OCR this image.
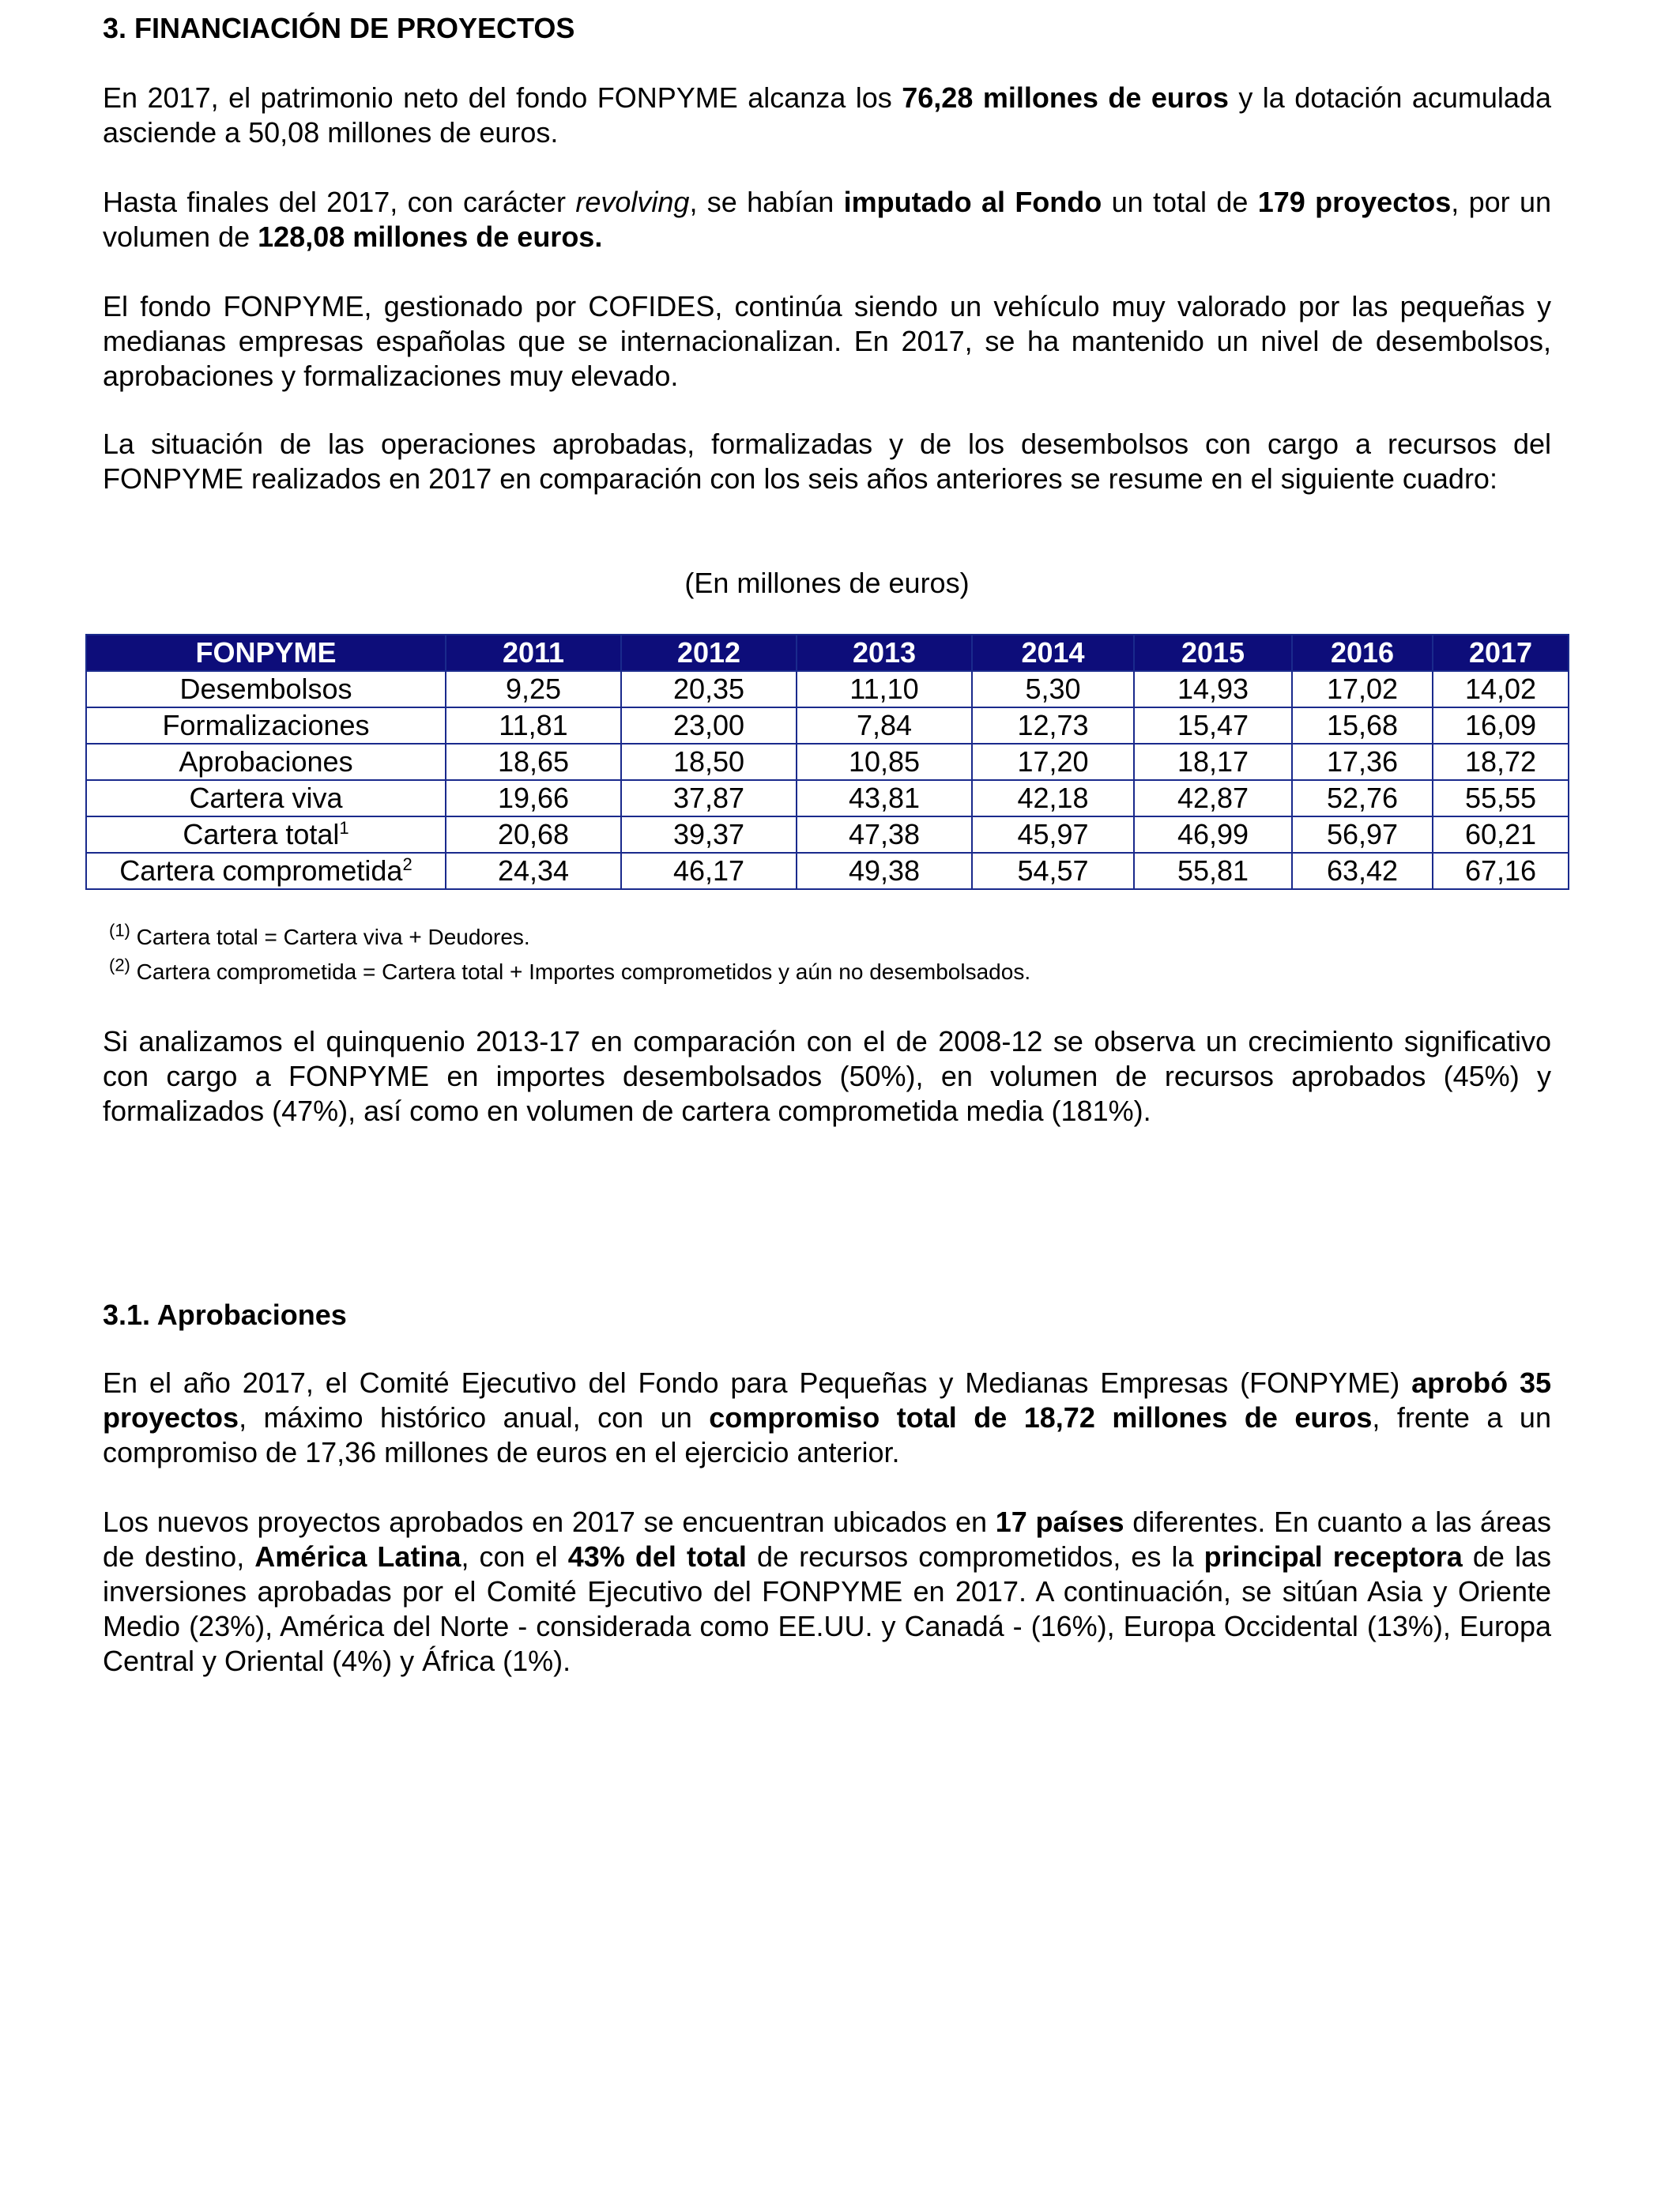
3. FINANCIACIÓN DE PROYECTOS

En 2017, el patrimonio neto del fondo FONPYME alcanza los 76,28 millones de euros y la dotación acumulada asciende a 50,08 millones de euros.

Hasta finales del 2017, con carácter revolving, se habían imputado al Fondo un total de 179 proyectos, por un volumen de 128,08 millones de euros.

El fondo FONPYME, gestionado por COFIDES, continúa siendo un vehículo muy valorado por las pequeñas y medianas empresas españolas que se internacionalizan. En 2017, se ha mantenido un nivel de desembolsos, aprobaciones y formalizaciones muy elevado.

La situación de las operaciones aprobadas, formalizadas y de los desembolsos con cargo a recursos del FONPYME realizados en 2017 en comparación con los seis años anteriores se resume en el siguiente cuadro:

(En millones de euros)

Si analizamos el quinquenio 2013-17 en comparación con el de 2008-12 se observa un crecimiento significativo con cargo a FONPYME en importes desembolsados (50%), en volumen de recursos aprobados (45%) y formalizados (47%), así como en volumen de cartera comprometida media (181%).

3.1. Aprobaciones

En el año 2017, el Comité Ejecutivo del Fondo para Pequeñas y Medianas Empresas (FONPYME) aprobó 35 proyectos, máximo histórico anual, con un compromiso total de 18,72 millones de euros, frente a un compromiso de 17,36 millones de euros en el ejercicio anterior.

Los nuevos proyectos aprobados en 2017 se encuentran ubicados en 17 países diferentes. En cuanto a las áreas de destino, América Latina, con el 43% del total de recursos comprometidos, es la principal receptora de las inversiones aprobadas por el Comité Ejecutivo del FONPYME en 2017. A continuación, se sitúan Asia y Oriente Medio (23%), América del Norte - considerada como EE.UU. y Canadá - (16%), Europa Occidental (13%), Europa Central y Oriental (4%) y África (1%).

$^{(1)}$ Cartera total = Cartera viva + Deudores.
$^{(2)}$ Cartera comprometida = Cartera total + Importes comprometidos y aún no desembolsados.
FONPYME	2011	2012	2013	2014	2015	2016	2017
Desembolsos	9,25	20,35	11,10	5,30	14,93	17,02	14,02
Formalizaciones	11,81	23,00	7,84	12,73	15,47	15,68	16,09
Aprobaciones	18,65	18,50	10,85	17,20	18,17	17,36	18,72
Cartera viva	19,66	37,87	43,81	42,18	42,87	52,76	55,55
Cartera total$^1$	20,68	39,37	47,38	45,97	46,99	56,97	60,21
Cartera comprometida$^2$	24,34	46,17	49,38	54,57	55,81	63,42	67,16
